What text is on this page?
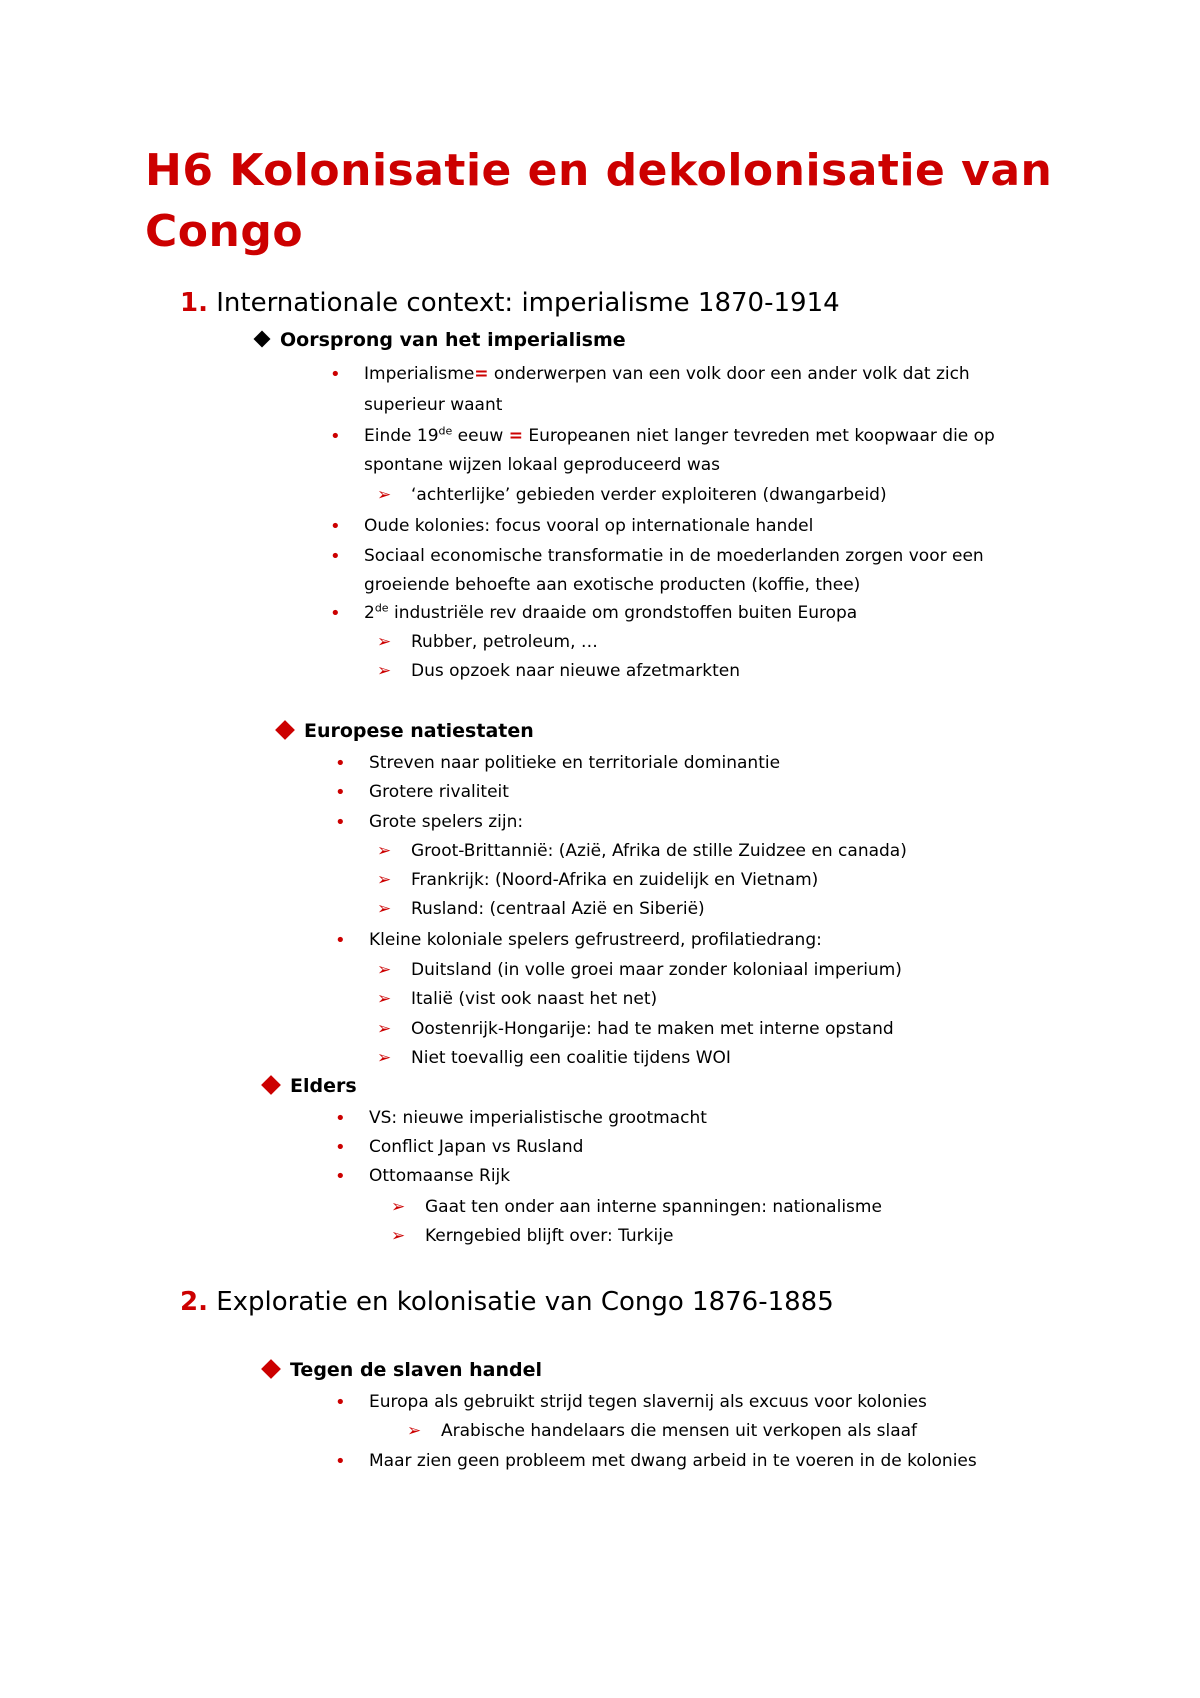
H6 Kolonisatie en dekolonisatie van Congo
1. Internationale context: imperialisme 1870-1914
Oorsprong van het imperialisme
• Imperialisme= onderwerpen van een volk door een ander volk dat zich
superieur waant
• Einde 19de eeuw = Europeanen niet langer tevreden met koopwaar die op
spontane wijzen lokaal geproduceerd was
➢ ‘achterlijke’ gebieden verder exploiteren (dwangarbeid)
• Oude kolonies: focus vooral op internationale handel
• Sociaal economische transformatie in de moederlanden zorgen voor een
groeiende behoefte aan exotische producten (koffie, thee)
• 2de industriële rev draaide om grondstoffen buiten Europa
➢ Rubber, petroleum, …
➢ Dus opzoek naar nieuwe afzetmarkten
Europese natiestaten
• Streven naar politieke en territoriale dominantie
• Grotere rivaliteit
• Grote spelers zijn:
➢ Groot-Brittannië: (Azië, Afrika de stille Zuidzee en canada)
➢ Frankrijk: (Noord-Afrika en zuidelijk en Vietnam)
➢ Rusland: (centraal Azië en Siberië)
• Kleine koloniale spelers gefrustreerd, profilatiedrang:
➢ Duitsland (in volle groei maar zonder koloniaal imperium)
➢ Italië (vist ook naast het net)
➢ Oostenrijk-Hongarije: had te maken met interne opstand
➢ Niet toevallig een coalitie tijdens WOI
Elders
• VS: nieuwe imperialistische grootmacht
• Conflict Japan vs Rusland
• Ottomaanse Rijk
➢ Gaat ten onder aan interne spanningen: nationalisme
➢ Kerngebied blijft over: Turkije
2. Exploratie en kolonisatie van Congo 1876-1885
Tegen de slaven handel
• Europa als gebruikt strijd tegen slavernij als excuus voor kolonies
➢ Arabische handelaars die mensen uit verkopen als slaaf
• Maar zien geen probleem met dwang arbeid in te voeren in de kolonies
